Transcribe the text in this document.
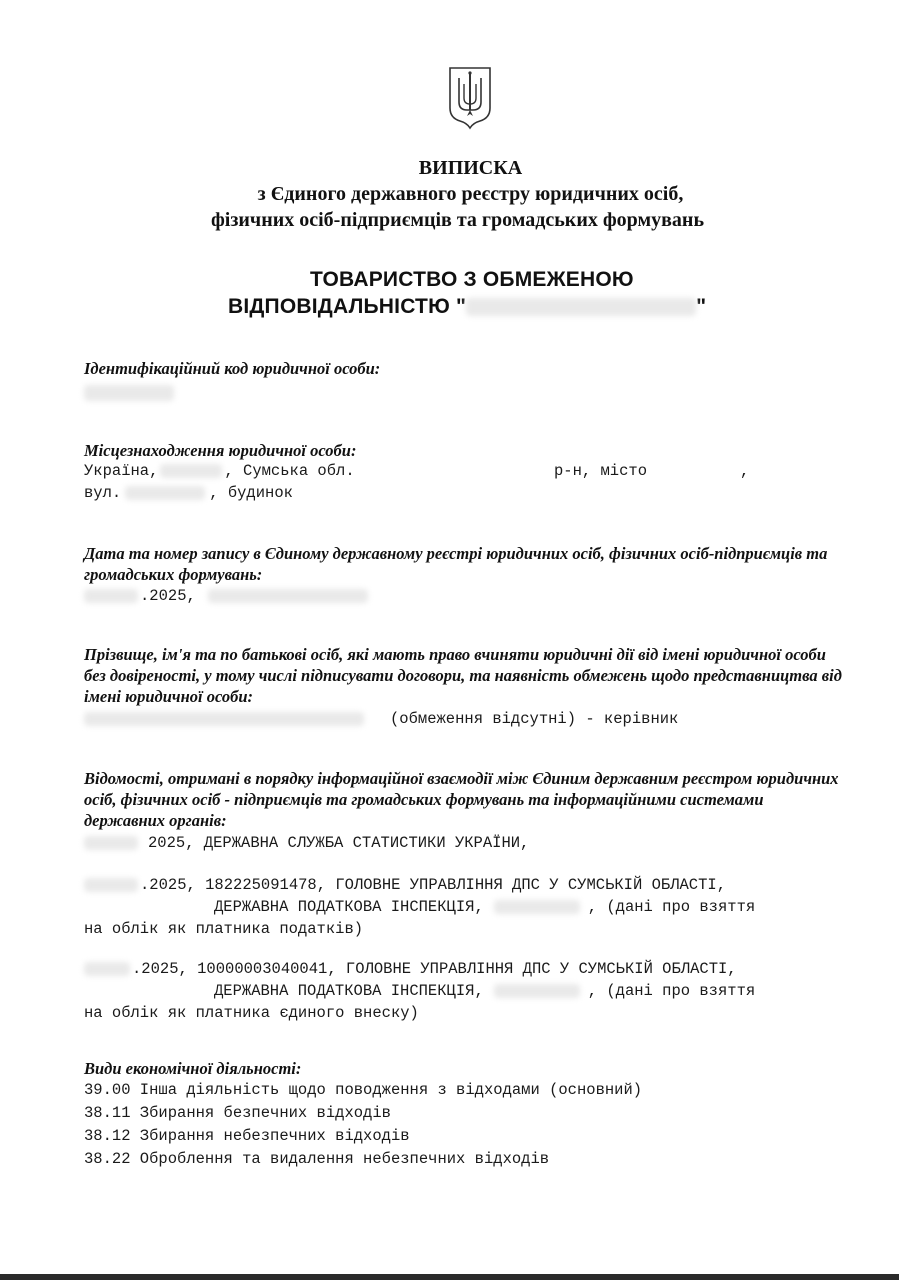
ВИПИСКА
з Єдиного державного реєстру юридичних осіб,
фізичних осіб-підприємців та громадських формувань
ТОВАРИСТВО З ОБМЕЖЕНОЮ
ВІДПОВІДАЛЬНІСТЮ "	"
Ідентифікаційний код юридичної особи:
Місцезнаходження юридичної особи:
Україна,	, Сумська обл.	р-н, місто	,
вул.	, будинок
Дата та номер запису в Єдиному державному реєстрі юридичних осіб, фізичних осіб-підприємців та громадських формувань:
.2025,
Прізвище, ім'я та по батькові осіб, які мають право вчиняти юридичні дії від імені юридичної особи без довіреності, у тому числі підписувати договори, та наявність обмежень щодо представництва від імені юридичної особи:
(обмеження відсутні) - керівник
Відомості, отримані в порядку інформаційної взаємодії між Єдиним державним реєстром юридичних осіб, фізичних осіб - підприємців та громадських формувань та інформаційними системами державних органів:
2025, ДЕРЖАВНА СЛУЖБА СТАТИСТИКИ УКРАЇНИ,
.2025, 182225091478, ГОЛОВНЕ УПРАВЛІННЯ ДПС У СУМСЬКІЙ ОБЛАСТІ,
ДЕРЖАВНА ПОДАТКОВА ІНСПЕКЦІЯ,	, (дані про взяття
на облік як платника податків)
.2025, 10000003040041, ГОЛОВНЕ УПРАВЛІННЯ ДПС У СУМСЬКІЙ ОБЛАСТІ,
ДЕРЖАВНА ПОДАТКОВА ІНСПЕКЦІЯ,	, (дані про взяття
на облік як платника єдиного внеску)
Види економічної діяльності:
39.00 Інша діяльність щодо поводження з відходами (основний)
38.11 Збирання безпечних відходів
38.12 Збирання небезпечних відходів
38.22 Оброблення та видалення небезпечних відходів
